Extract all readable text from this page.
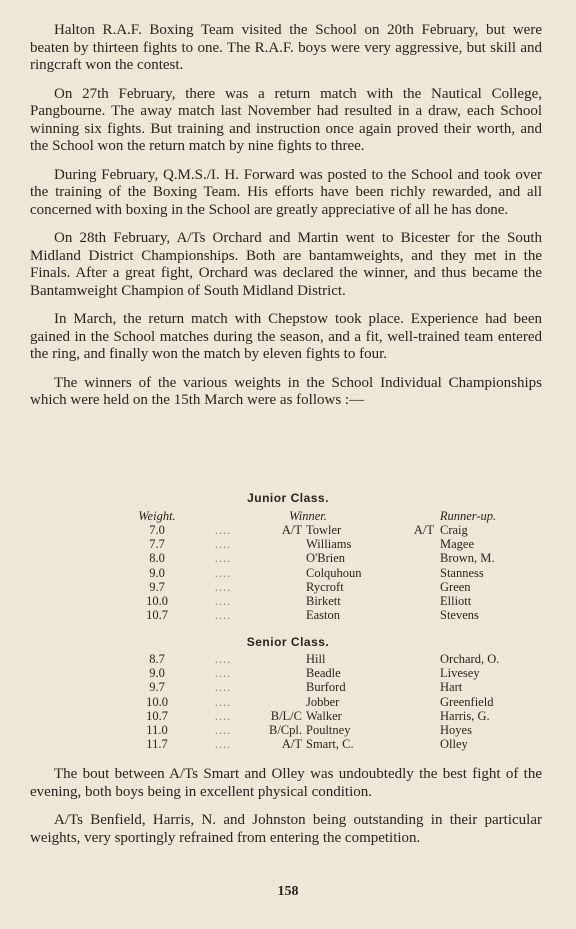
Halton R.A.F. Boxing Team visited the School on 20th February, but were beaten by thirteen fights to one. The R.A.F. boys were very aggressive, but skill and ringcraft won the contest.

On 27th February, there was a return match with the Nautical College, Pangbourne. The away match last November had resulted in a draw, each School winning six fights. But training and instruction once again proved their worth, and the School won the return match by nine fights to three.

During February, Q.M.S./I. H. Forward was posted to the School and took over the training of the Boxing Team. His efforts have been richly rewarded, and all concerned with boxing in the School are greatly appreciative of all he has done.

On 28th February, A/Ts Orchard and Martin went to Bicester for the South Midland District Championships. Both are bantamweights, and they met in the Finals. After a great fight, Orchard was declared the winner, and thus became the Bantamweight Champion of South Midland District.

In March, the return match with Chepstow took place. Experience had been gained in the School matches during the season, and a fit, well-trained team entered the ring, and finally won the match by eleven fights to four.

The winners of the various weights in the School Individual Championships which were held on the 15th March were as follows :—

Junior Class.
Weight.	Winner.	Runner-up.
7.0	....	A/T Towler	A/T Craig
7.7	....	Williams	Magee
8.0	....	O'Brien	Brown, M.
9.0	....	Colquhoun	Stanness
9.7	....	Rycroft	Green
10.0	....	Birkett	Elliott
10.7	....	Easton	Stevens
Senior Class.
8.7	....	Hill	Orchard, O.
9.0	....	Beadle	Livesey
9.7	....	Burford	Hart
10.0	....	Jobber	Greenfield
10.7	....	B/L/C Walker	Harris, G.
11.0	....	B/Cpl. Poultney	Hoyes
11.7	....	A/T Smart, C.	Olley

The bout between A/Ts Smart and Olley was undoubtedly the best fight of the evening, both boys being in excellent physical condition.

A/Ts Benfield, Harris, N. and Johnston being outstanding in their particular weights, very sportingly refrained from entering the competition.

158
